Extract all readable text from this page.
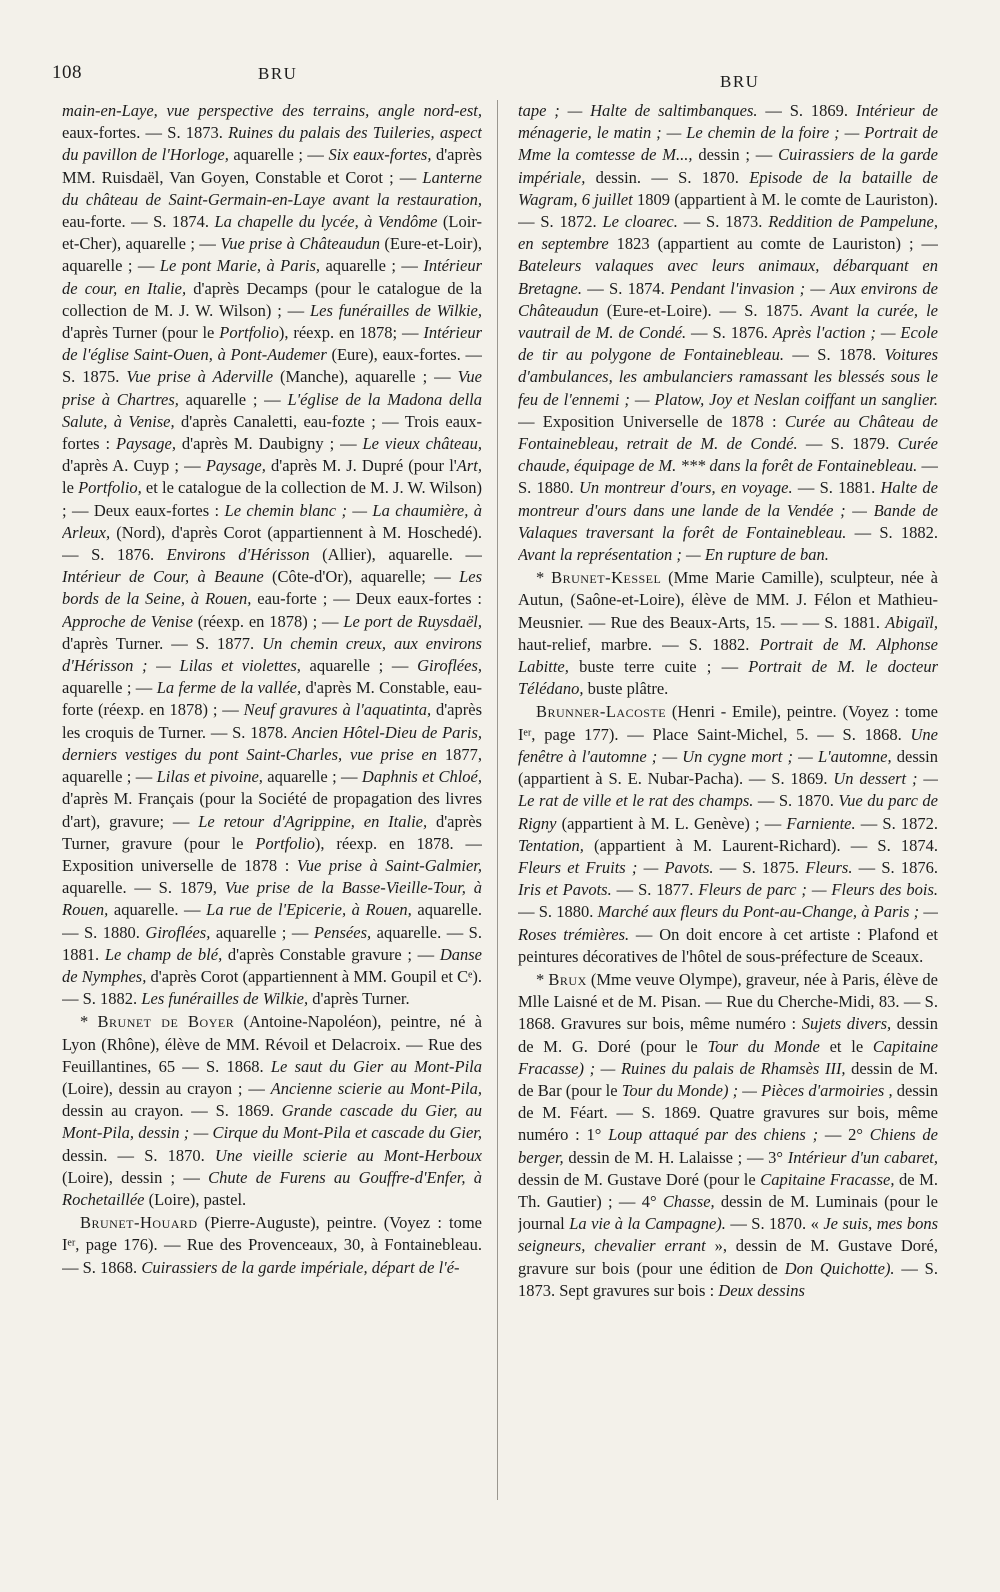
108	BRU	BRU

main-en-Laye, vue perspective des terrains, angle nord-est, eaux-fortes. — S. 1873. Ruines du palais des Tuileries, aspect du pavillon de l'Horloge, aquarelle ; — Six eaux-fortes, d'après MM. Ruisdaël, Van Goyen, Constable et Corot ; — Lanterne du château de Saint-Germain-en-Laye avant la restauration, eau-forte. — S. 1874. La chapelle du lycée, à Vendôme (Loir-et-Cher), aquarelle ; — Vue prise à Châteaudun (Eure-et-Loir), aquarelle ; — Le pont Marie, à Paris, aquarelle ; — Intérieur de cour, en Italie, d'après Decamps (pour le catalogue de la collection de M. J. W. Wilson) ; — Les funérailles de Wilkie, d'après Turner (pour le Portfolio), réexp. en 1878; — Intérieur de l'église Saint-Ouen, à Pont-Audemer (Eure), eaux-fortes. — S. 1875. Vue prise à Aderville (Manche), aquarelle ; — Vue prise à Chartres, aquarelle ; — L'église de la Madona della Salute, à Venise, d'après Canaletti, eau-fozte ; — Trois eaux-fortes : Paysage, d'après M. Daubigny ; — Le vieux château, d'après A. Cuyp ; — Paysage, d'après M. J. Dupré (pour l'Art, le Portfolio, et le catalogue de la collection de M. J. W. Wilson) ; — Deux eaux-fortes : Le chemin blanc ; — La chaumière, à Arleux, (Nord), d'après Corot (appartiennent à M. Hoschedé). — S. 1876. Environs d'Hérisson (Allier), aquarelle. — Intérieur de Cour, à Beaune (Côte-d'Or), aquarelle; — Les bords de la Seine, à Rouen, eau-forte ; — Deux eaux-fortes : Approche de Venise (réexp. en 1878) ; — Le port de Ruysdaël, d'après Turner. — S. 1877. Un chemin creux, aux environs d'Hérisson ; — Lilas et violettes, aquarelle ; — Giroflées, aquarelle ; — La ferme de la vallée, d'après M. Constable, eau-forte (réexp. en 1878) ; — Neuf gravures à l'aquatinta, d'après les croquis de Turner. — S. 1878. Ancien Hôtel-Dieu de Paris, derniers vestiges du pont Saint-Charles, vue prise en 1877, aquarelle ; — Lilas et pivoine, aquarelle ; — Daphnis et Chloé, d'après M. Français (pour la Société de propagation des livres d'art), gravure; — Le retour d'Agrippine, en Italie, d'après Turner, gravure (pour le Portfolio), réexp. en 1878. — Exposition universelle de 1878 : Vue prise à Saint-Galmier, aquarelle. — S. 1879, Vue prise de la Basse-Vieille-Tour, à Rouen, aquarelle. — La rue de l'Epicerie, à Rouen, aquarelle. — S. 1880. Giroflées, aquarelle ; — Pensées, aquarelle. — S. 1881. Le champ de blé, d'après Constable gravure ; — Danse de Nymphes, d'après Corot (appartiennent à MM. Goupil et Cᵉ). — S. 1882. Les funérailles de Wilkie, d'après Turner.

* Brunet de Boyer (Antoine-Napoléon), peintre, né à Lyon (Rhône), élève de MM. Révoil et Delacroix. — Rue des Feuillantines, 65 — S. 1868. Le saut du Gier au Mont-Pila (Loire), dessin au crayon ; — Ancienne scierie au Mont-Pila, dessin au crayon. — S. 1869. Grande cascade du Gier, au Mont-Pila, dessin ; — Cirque du Mont-Pila et cascade du Gier, dessin. — S. 1870. Une vieille scierie au Mont-Herboux (Loire), dessin ; — Chute de Furens au Gouffre-d'Enfer, à Rochetaillée (Loire), pastel.

Brunet-Houard (Pierre-Auguste), peintre. (Voyez : tome Iᵉʳ, page 176). — Rue des Provenceaux, 30, à Fontainebleau. — S. 1868. Cuirassiers de la garde impériale, départ de l'é-

tape ; — Halte de saltimbanques. — S. 1869. Intérieur de ménagerie, le matin ; — Le chemin de la foire ; — Portrait de Mme la comtesse de M..., dessin ; — Cuirassiers de la garde impériale, dessin. — S. 1870. Episode de la bataille de Wagram, 6 juillet 1809 (appartient à M. le comte de Lauriston). — S. 1872. Le cloarec. — S. 1873. Reddition de Pampelune, en septembre 1823 (appartient au comte de Lauriston) ; — Bateleurs valaques avec leurs animaux, débarquant en Bretagne. — S. 1874. Pendant l'invasion ; — Aux environs de Châteaudun (Eure-et-Loire). — S. 1875. Avant la curée, le vautrail de M. de Condé. — S. 1876. Après l'action ; — Ecole de tir au polygone de Fontainebleau. — S. 1878. Voitures d'ambulances, les ambulanciers ramassant les blessés sous le feu de l'ennemi ; — Platow, Joy et Neslan coiffant un sanglier. — Exposition Universelle de 1878 : Curée au Château de Fontainebleau, retrait de M. de Condé. — S. 1879. Curée chaude, équipage de M. *** dans la forêt de Fontainebleau. — S. 1880. Un montreur d'ours, en voyage. — S. 1881. Halte de montreur d'ours dans une lande de la Vendée ; — Bande de Valaques traversant la forêt de Fontainebleau. — S. 1882. Avant la représentation ; — En rupture de ban.

* Brunet-Kessel (Mme Marie Camille), sculpteur, née à Autun, (Saône-et-Loire), élève de MM. J. Félon et Mathieu-Meusnier. — Rue des Beaux-Arts, 15. — — S. 1881. Abigaïl, haut-relief, marbre. — S. 1882. Portrait de M. Alphonse Labitte, buste terre cuite ; — Portrait de M. le docteur Télédano, buste plâtre.

Brunner-Lacoste (Henri - Emile), peintre. (Voyez : tome Iᵉʳ, page 177). — Place Saint-Michel, 5. — S. 1868. Une fenêtre à l'automne ; — Un cygne mort ; — L'automne, dessin (appartient à S. E. Nubar-Pacha). — S. 1869. Un dessert ; — Le rat de ville et le rat des champs. — S. 1870. Vue du parc de Rigny (appartient à M. L. Genève) ; — Farniente. — S. 1872. Tentation, (appartient à M. Laurent-Richard). — S. 1874. Fleurs et Fruits ; — Pavots. — S. 1875. Fleurs. — S. 1876. Iris et Pavots. — S. 1877. Fleurs de parc ; — Fleurs des bois. — S. 1880. Marché aux fleurs du Pont-au-Change, à Paris ; — Roses trémières. — On doit encore à cet artiste : Plafond et peintures décoratives de l'hôtel de sous-préfecture de Sceaux.

* Brux (Mme veuve Olympe), graveur, née à Paris, élève de Mlle Laisné et de M. Pisan. — Rue du Cherche-Midi, 83. — S. 1868. Gravures sur bois, même numéro : Sujets divers, dessin de M. G. Doré (pour le Tour du Monde et le Capitaine Fracasse) ; — Ruines du palais de Rhamsès III, dessin de M. de Bar (pour le Tour du Monde) ; — Pièces d'armoiries , dessin de M. Féart. — S. 1869. Quatre gravures sur bois, même numéro : 1° Loup attaqué par des chiens ; — 2° Chiens de berger, dessin de M. H. Lalaisse ; — 3° Intérieur d'un cabaret, dessin de M. Gustave Doré (pour le Capitaine Fracasse, de M. Th. Gautier) ; — 4° Chasse, dessin de M. Luminais (pour le journal La vie à la Campagne). — S. 1870. « Je suis, mes bons seigneurs, chevalier errant », dessin de M. Gustave Doré, gravure sur bois (pour une édition de Don Quichotte). — S. 1873. Sept gravures sur bois : Deux dessins
